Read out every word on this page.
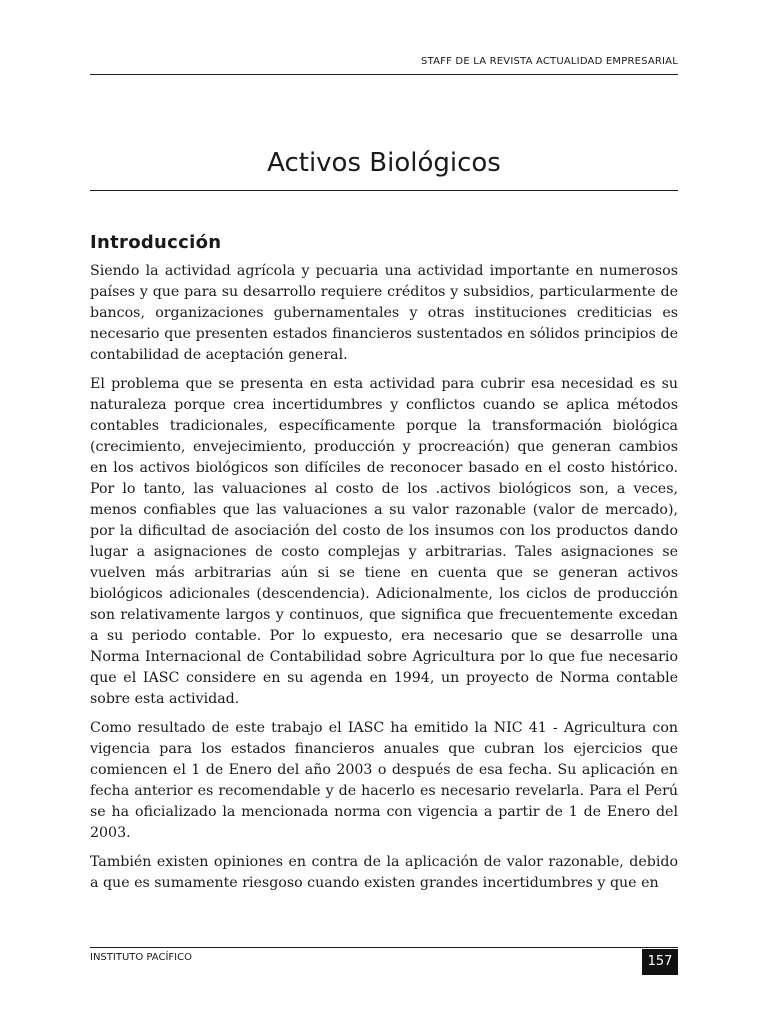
STAFF DE LA REVISTA ACTUALIDAD EMPRESARIAL
Activos Biológicos
Introducción

Siendo la actividad agrícola y pecuaria una actividad importante en numerosos países y que para su desarrollo requiere créditos y subsidios, particularmente de bancos, organizaciones gubernamentales y otras instituciones crediticias es necesario que presenten estados financieros sustentados en sólidos principios de contabilidad de aceptación general.

El problema que se presenta en esta actividad para cubrir esa necesidad es su naturaleza porque crea incertidumbres y conflictos cuando se aplica métodos contables tradicionales, específicamente porque la transformación biológica (crecimiento, envejecimiento, producción y procreación) que generan cambios en los activos biológicos son difíciles de reconocer basado en el costo histórico. Por lo tanto, las valuaciones al costo de los .activos biológicos son, a veces, menos confiables que las valuaciones a su valor razonable (valor de mercado), por la dificultad de asociación del costo de los insumos con los productos dando lugar a asignaciones de costo complejas y arbitrarias. Tales asignaciones se vuelven más arbitrarias aún si se tiene en cuenta que se generan activos biológicos adicionales (descendencia). Adicionalmente, los ciclos de producción son relativamente largos y continuos, que significa que frecuentemente excedan a su periodo contable. Por lo expuesto, era necesario que se desarrolle una Norma Internacional de Contabilidad sobre Agricultura por lo que fue necesario que el IASC considere en su agenda en 1994, un proyecto de Norma contable sobre esta actividad.

Como resultado de este trabajo el IASC ha emitido la NIC 41 - Agricultura con vigencia para los estados financieros anuales que cubran los ejercicios que comiencen el 1 de Enero del año 2003 o después de esa fecha. Su aplicación en fecha anterior es recomendable y de hacerlo es necesario revelarla. Para el Perú se ha oficializado la mencionada norma con vigencia a partir de 1 de Enero del 2003.

También existen opiniones en contra de la aplicación de valor razonable, debido a que es sumamente riesgoso cuando existen grandes incertidumbres y que en

INSTITUTO PACÍFICO	157
